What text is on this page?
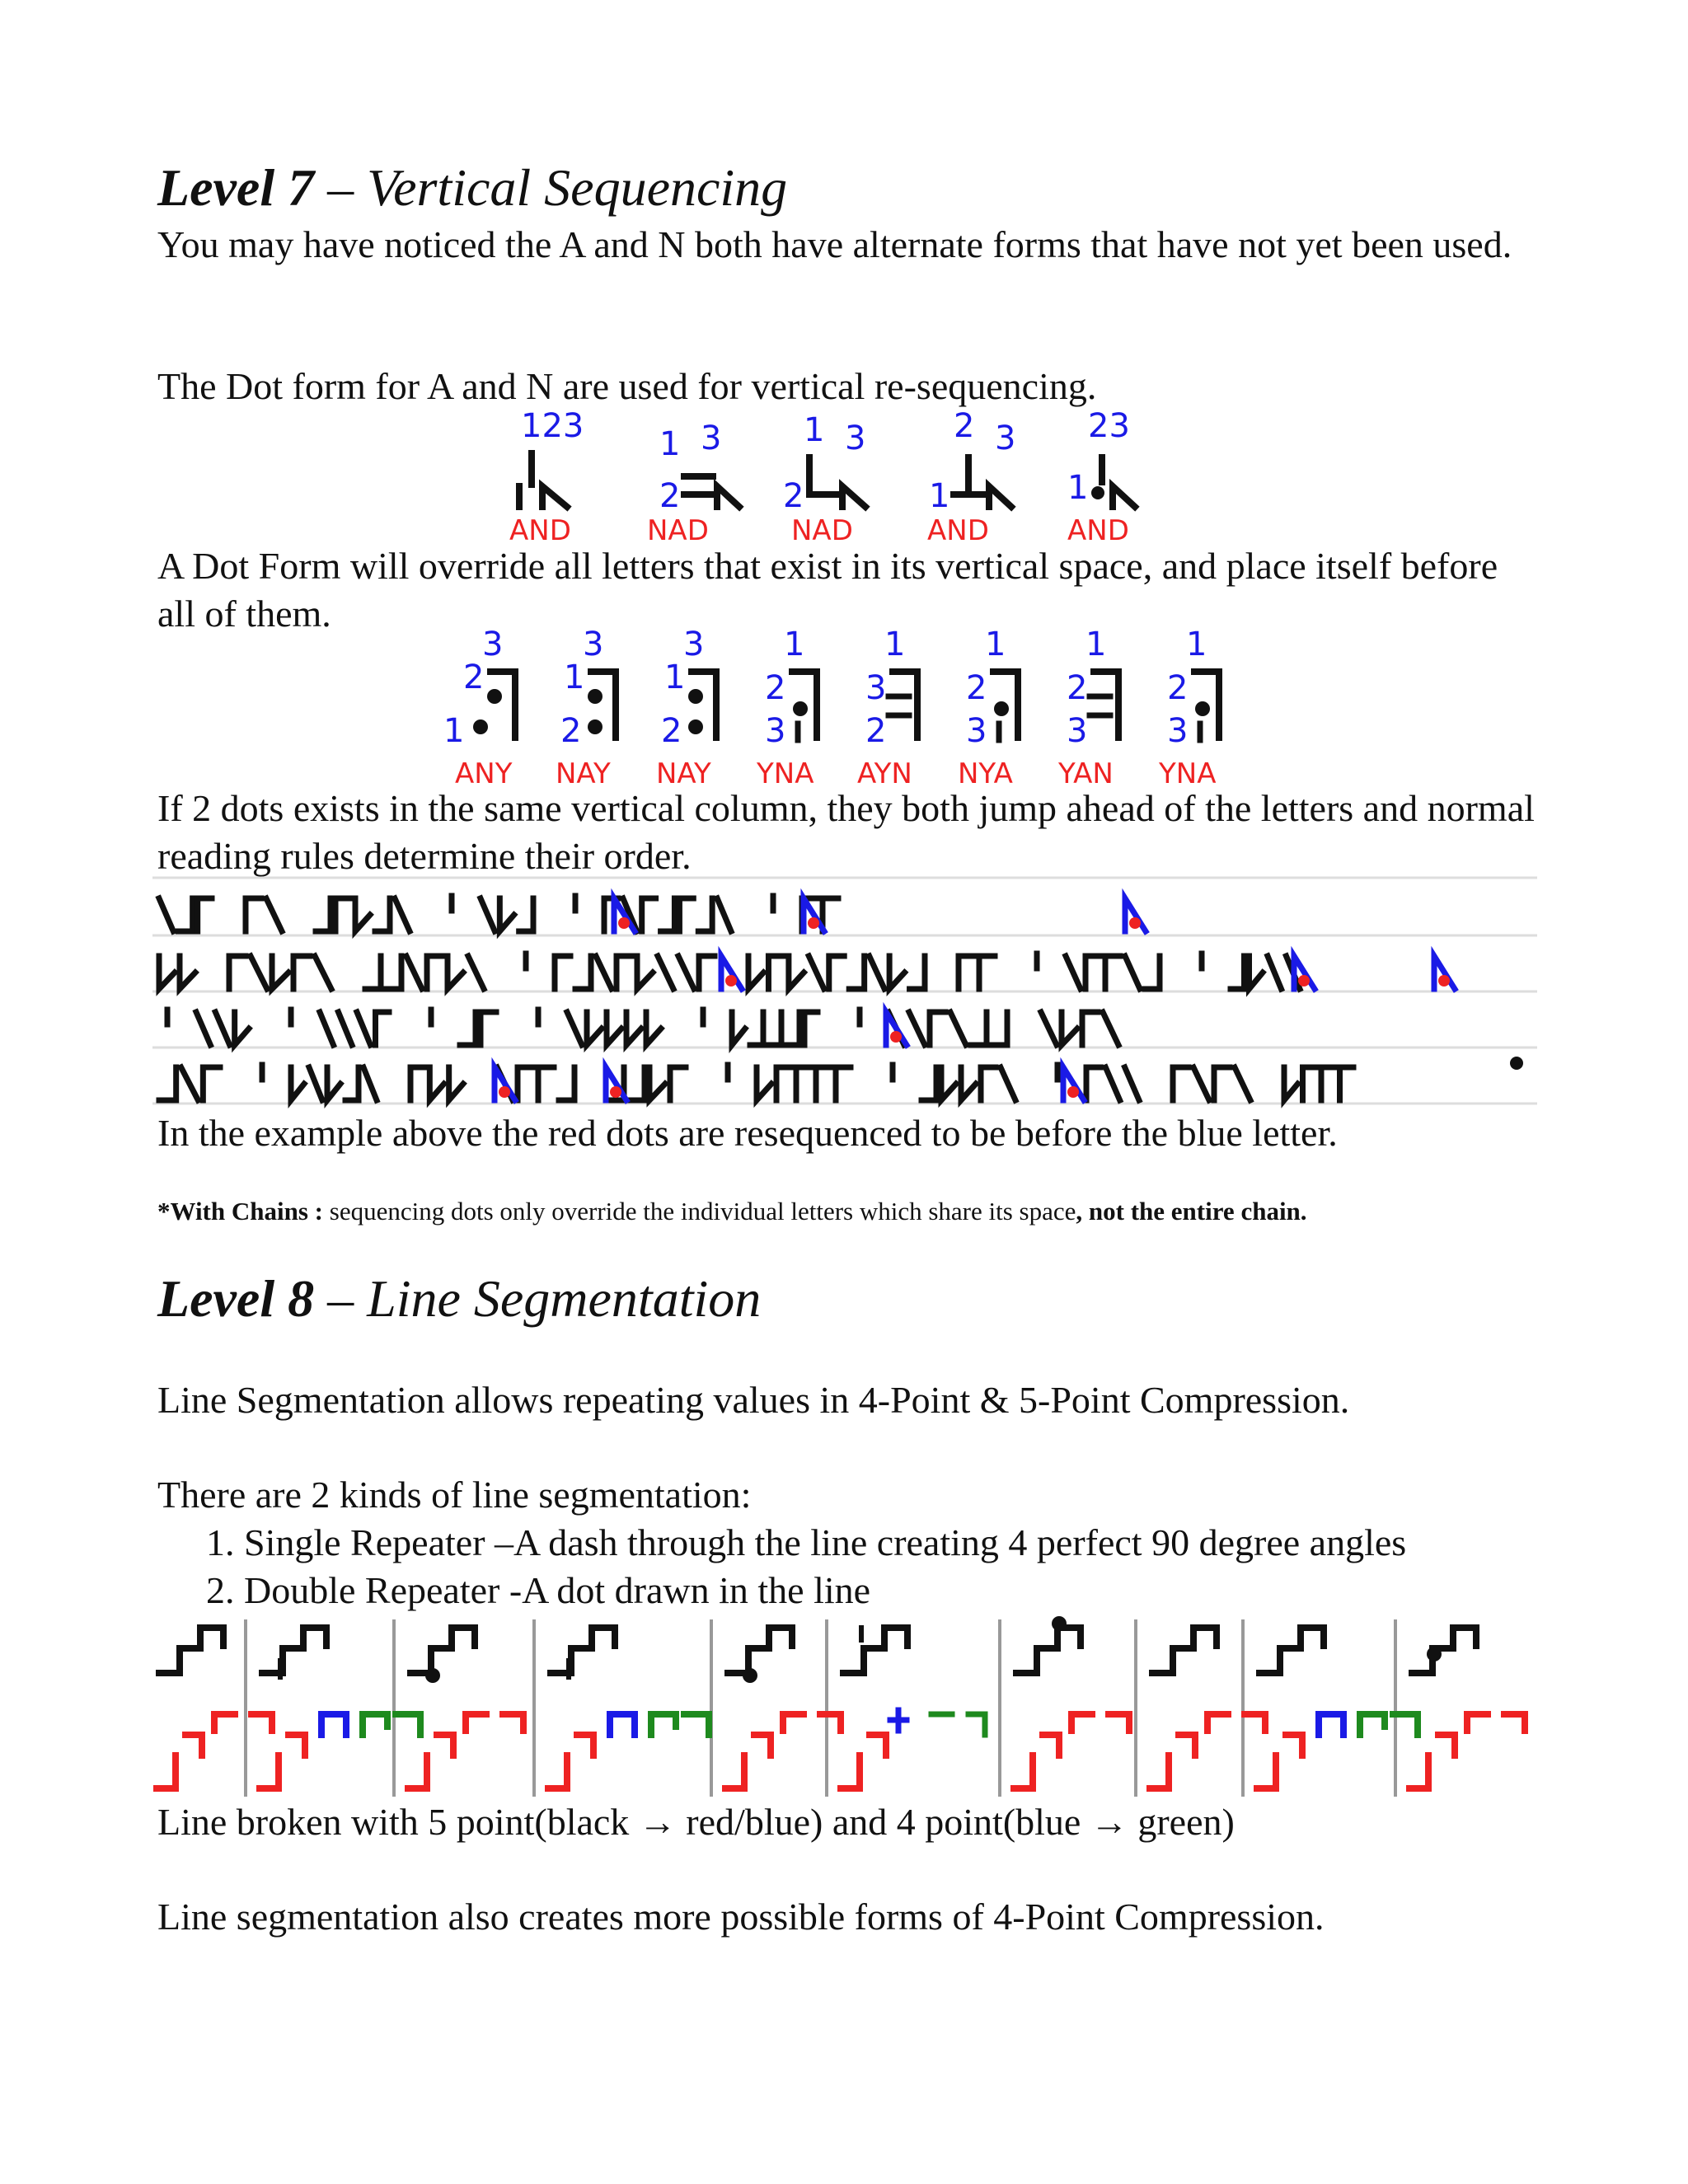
Level 7 – Vertical Sequencing
You may have noticed the A and N both have alternate forms that have not yet been used.
The Dot form for A and N are used for vertical re-sequencing.
123
AND
1 3
2
NAD
1 3
2
NAD
2 3
1
AND
23
1
AND
A Dot Form will override all letters that exist in its vertical space, and place itself before all of them.
3
2
1
ANY
3
1
2
NAY
3
1
2
NAY
1
2
3
YNA
1
3
2
AYN
1
2
3
NYA
1
2
3
YAN
1
2
3
YNA
If 2 dots exists in the same vertical column, they both jump ahead of the letters and normal reading rules determine their order.
In the example above the red dots are resequenced to be before the blue letter.
*With Chains : sequencing dots only override the individual letters which share its space, not the entire chain.
Level 8 – Line Segmentation
Line Segmentation allows repeating values in 4-Point & 5-Point Compression.
There are 2 kinds of line segmentation:
1. Single Repeater –A dash through the line creating 4 perfect 90 degree angles
2. Double Repeater -A dot drawn in the line
Line broken with 5 point(black → red/blue) and 4 point(blue → green)
Line segmentation also creates more possible forms of 4-Point Compression.
